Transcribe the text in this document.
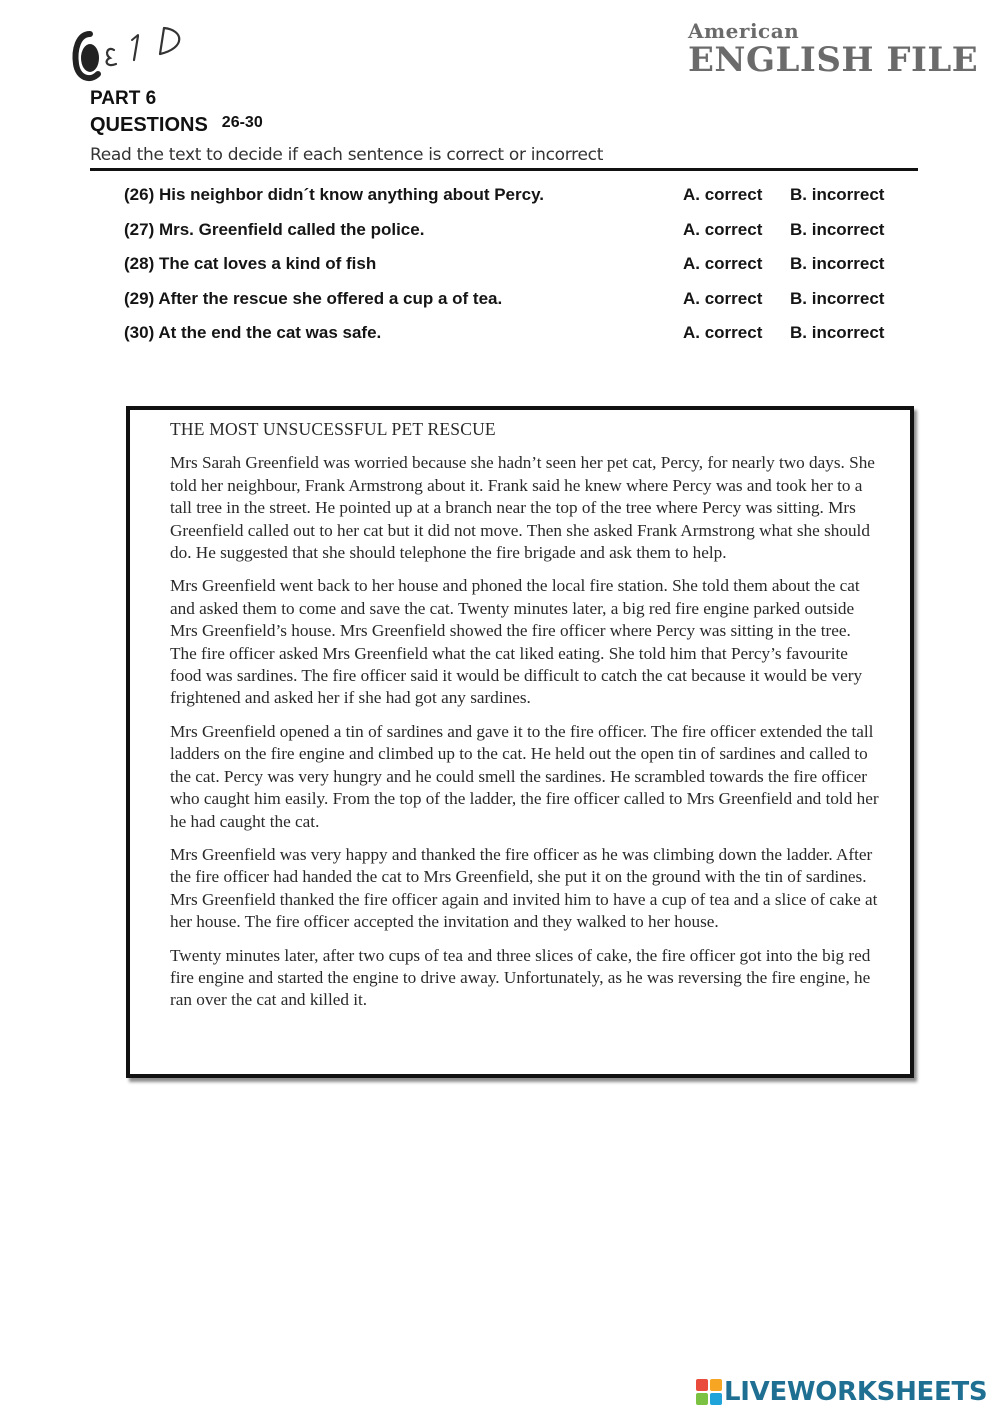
American
ENGLISH FILE
PART 6
QUESTIONS 26-30
Read the text to decide if each sentence is correct or incorrect
(26) His neighbor didn´t know anything about Percy.	A. correct B. incorrect
(27) Mrs. Greenfield called the police.	A. correct B. incorrect
(28) The cat loves a kind of fish	A. correct B. incorrect
(29) After the rescue she offered a cup a of tea.	A. correct B. incorrect
(30) At the end the cat was safe.	A. correct B. incorrect
THE MOST UNSUCESSFUL PET RESCUE

Mrs Sarah Greenfield was worried because she hadn’t seen her pet cat, Percy, for nearly two days. She told her neighbour, Frank Armstrong about it. Frank said he knew where Percy was and took her to a tall tree in the street. He pointed up at a branch near the top of the tree where Percy was sitting. Mrs Greenfield called out to her cat but it did not move. Then she asked Frank Armstrong what she should do. He suggested that she should telephone the fire brigade and ask them to help.

Mrs Greenfield went back to her house and phoned the local fire station. She told them about the cat and asked them to come and save the cat. Twenty minutes later, a big red fire engine parked outside Mrs Greenfield’s house. Mrs Greenfield showed the fire officer where Percy was sitting in the tree. The fire officer asked Mrs Greenfield what the cat liked eating. She told him that Percy’s favourite food was sardines. The fire officer said it would be difficult to catch the cat because it would be very frightened and asked her if she had got any sardines.

Mrs Greenfield opened a tin of sardines and gave it to the fire officer. The fire officer extended the tall ladders on the fire engine and climbed up to the cat. He held out the open tin of sardines and called to the cat. Percy was very hungry and he could smell the sardines. He scrambled towards the fire officer who caught him easily. From the top of the ladder, the fire officer called to Mrs Greenfield and told her he had caught the cat.

Mrs Greenfield was very happy and thanked the fire officer as he was climbing down the ladder. After the fire officer had handed the cat to Mrs Greenfield, she put it on the ground with the tin of sardines. Mrs Greenfield thanked the fire officer again and invited him to have a cup of tea and a slice of cake at her house. The fire officer accepted the invitation and they walked to her house.

Twenty minutes later, after two cups of tea and three slices of cake, the fire officer got into the big red fire engine and started the engine to drive away. Unfortunately, as he was reversing the fire engine, he ran over the cat and killed it.

LIVEWORKSHEETS
